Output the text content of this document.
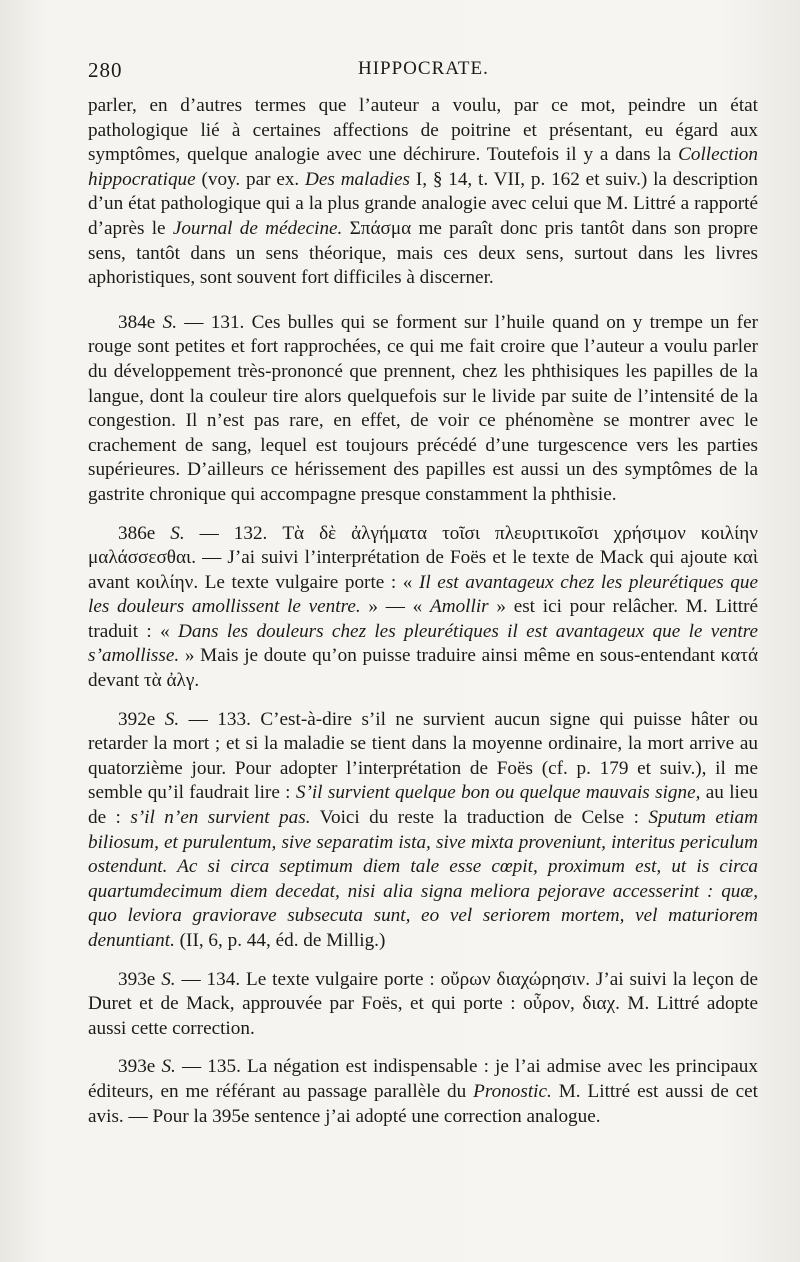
280	HIPPOCRATE.

parler, en d’autres termes que l’auteur a voulu, par ce mot, peindre un état pathologique lié à certaines affections de poitrine et présentant, eu égard aux symptômes, quelque analogie avec une déchirure. Toutefois il y a dans la Collection hippocratique (voy. par ex. Des maladies I, § 14, t. VII, p. 162 et suiv.) la description d’un état pathologique qui a la plus grande analogie avec celui que M. Littré a rapporté d’après le Journal de médecine. Σπάσμα me paraît donc pris tantôt dans son propre sens, tantôt dans un sens théorique, mais ces deux sens, surtout dans les livres aphoristiques, sont souvent fort difficiles à discerner.

384e S. — 131. Ces bulles qui se forment sur l’huile quand on y trempe un fer rouge sont petites et fort rapprochées, ce qui me fait croire que l’auteur a voulu parler du développement très-prononcé que prennent, chez les phthisiques les papilles de la langue, dont la couleur tire alors quelquefois sur le livide par suite de l’intensité de la congestion. Il n’est pas rare, en effet, de voir ce phénomène se montrer avec le crachement de sang, lequel est toujours précédé d’une turgescence vers les parties supérieures. D’ailleurs ce hérissement des papilles est aussi un des symptômes de la gastrite chronique qui accompagne presque constamment la phthisie.

386e S. — 132. Τὰ δὲ ἀλγήματα τοῖσι πλευριτικοῖσι χρήσιμον κοιλίην μαλάσσεσθαι. — J’ai suivi l’interprétation de Foës et le texte de Mack qui ajoute καὶ avant κοιλίην. Le texte vulgaire porte : « Il est avantageux chez les pleurétiques que les douleurs amollissent le ventre. » — « Amollir » est ici pour relâcher. M. Littré traduit : « Dans les douleurs chez les pleurétiques il est avantageux que le ventre s’amollisse. » Mais je doute qu’on puisse traduire ainsi même en sous-entendant κατά devant τὰ ἀλγ.

392e S. — 133. C’est-à-dire s’il ne survient aucun signe qui puisse hâter ou retarder la mort ; et si la maladie se tient dans la moyenne ordinaire, la mort arrive au quatorzième jour. Pour adopter l’interprétation de Foës (cf. p. 179 et suiv.), il me semble qu’il faudrait lire : S’il survient quelque bon ou quelque mauvais signe, au lieu de : s’il n’en survient pas. Voici du reste la traduction de Celse : Sputum etiam biliosum, et purulentum, sive separatim ista, sive mixta proveniunt, interitus periculum ostendunt. Ac si circa septimum diem tale esse cœpit, proximum est, ut is circa quartumdecimum diem decedat, nisi alia signa meliora pejorave accesserint : quæ, quo leviora graviorave subsecuta sunt, eo vel seriorem mortem, vel maturiorem denuntiant. (II, 6, p. 44, éd. de Millig.)

393e S. — 134. Le texte vulgaire porte : οὔρων διαχώρησιν. J’ai suivi la leçon de Duret et de Mack, approuvée par Foës, et qui porte : οὖρον, διαχ. M. Littré adopte aussi cette correction.

393e S. — 135. La négation est indispensable : je l’ai admise avec les principaux éditeurs, en me référant au passage parallèle du Pronostic. M. Littré est aussi de cet avis. — Pour la 395e sentence j’ai adopté une correction analogue.
